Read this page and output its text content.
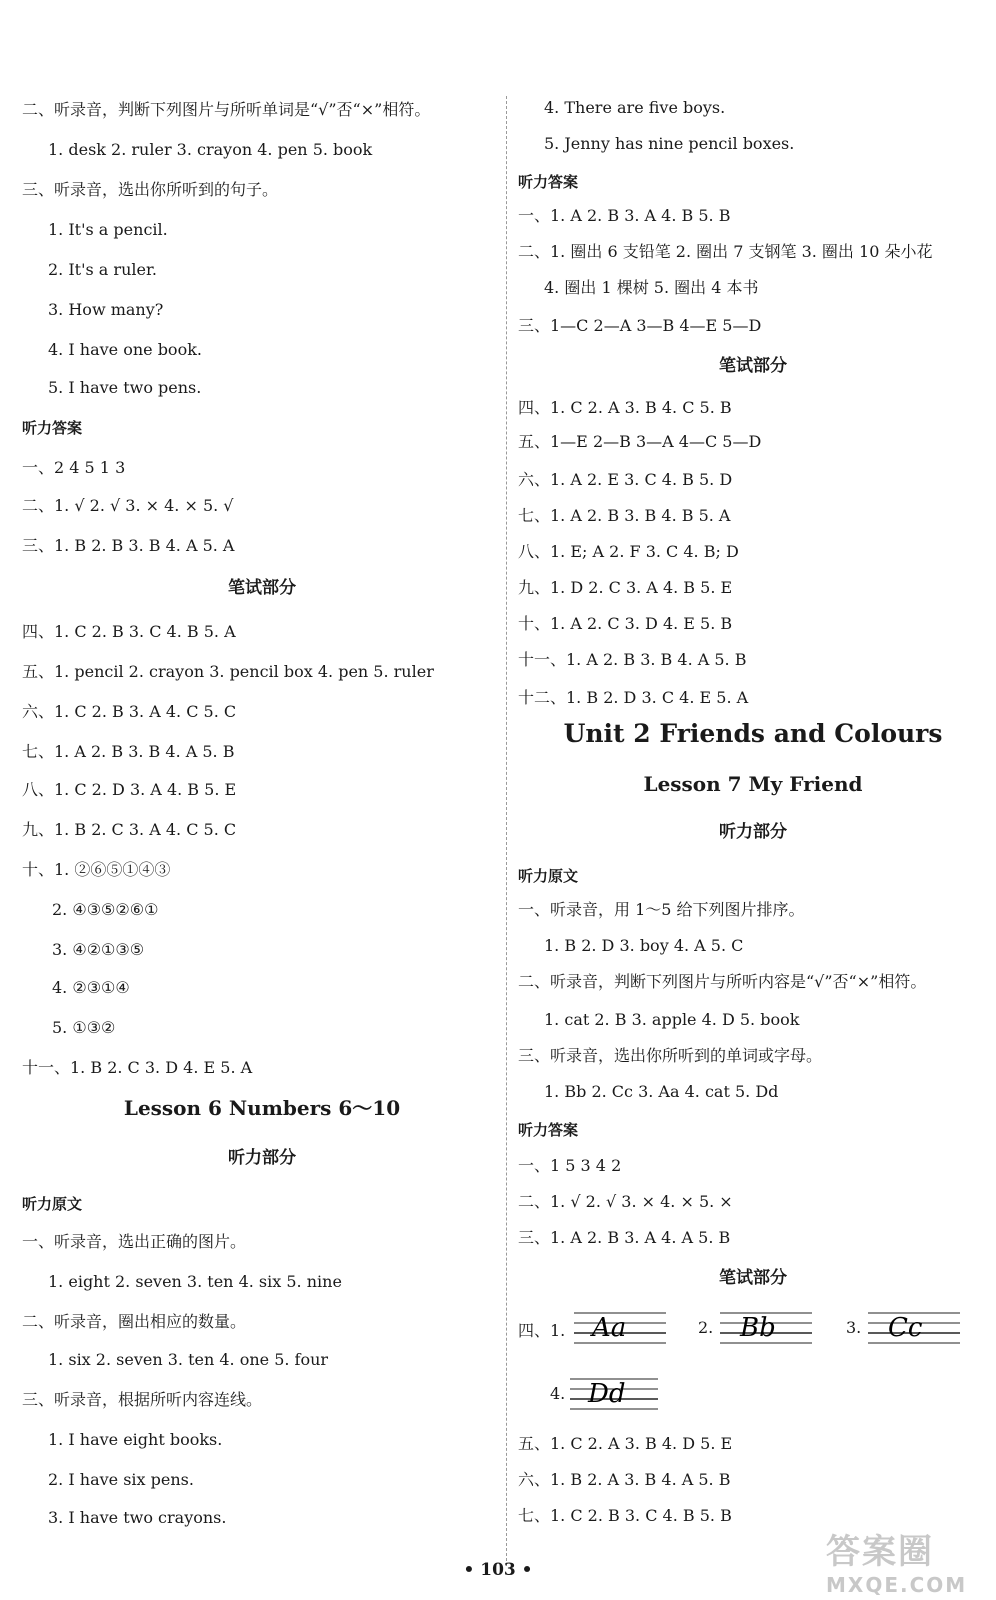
二、听录音，判断下列图片与所听单词是“√”否“×”相符。
1. desk 2. ruler 3. crayon 4. pen 5. book
三、听录音，选出你所听到的句子。
1. It's a pencil.
2. It's a ruler.
3. How many?
4. I have one book.
5. I have two pens.
听力答案
一、2 4 5 1 3
二、1. √ 2. √ 3. × 4. × 5. √
三、1. B 2. B 3. B 4. A 5. A
笔试部分
四、1. C 2. B 3. C 4. B 5. A
五、1. pencil 2. crayon 3. pencil box 4. pen 5. ruler
六、1. C 2. B 3. A 4. C 5. C
七、1. A 2. B 3. B 4. A 5. B
八、1. C 2. D 3. A 4. B 5. E
九、1. B 2. C 3. A 4. C 5. C
十、1. ②⑥⑤①④③
2. ④③⑤②⑥①
3. ④②①③⑤
4. ②③①④
5. ①③②
十一、1. B 2. C 3. D 4. E 5. A
Lesson 6 Numbers 6～10
听力部分
听力原文
一、听录音，选出正确的图片。
1. eight 2. seven 3. ten 4. six 5. nine
二、听录音，圈出相应的数量。
1. six 2. seven 3. ten 4. one 5. four
三、听录音，根据所听内容连线。
1. I have eight books.
2. I have six pens.
3. I have two crayons.
4. There are five boys.
5. Jenny has nine pencil boxes.
听力答案
一、1. A 2. B 3. A 4. B 5. B
二、1. 圈出 6 支铅笔 2. 圈出 7 支钢笔 3. 圈出 10 朵小花
4. 圈出 1 棵树 5. 圈出 4 本书
三、1—C 2—A 3—B 4—E 5—D
笔试部分
四、1. C 2. A 3. B 4. C 5. B
五、1—E 2—B 3—A 4—C 5—D
六、1. A 2. E 3. C 4. B 5. D
七、1. A 2. B 3. B 4. B 5. A
八、1. E; A 2. F 3. C 4. B; D
九、1. D 2. C 3. A 4. B 5. E
十、1. A 2. C 3. D 4. E 5. B
十一、1. A 2. B 3. B 4. A 5. B
十二、1. B 2. D 3. C 4. E 5. A
Unit 2 Friends and Colours
Lesson 7 My Friend
听力部分
听力原文
一、听录音，用 1～5 给下列图片排序。
1. B 2. D 3. boy 4. A 5. C
二、听录音，判断下列图片与所听内容是“√”否“×”相符。
1. cat 2. B 3. apple 4. D 5. book
三、听录音，选出你所听到的单词或字母。
1. Bb 2. Cc 3. Aa 4. cat 5. Dd
听力答案
一、1 5 3 4 2
二、1. √ 2. √ 3. × 4. × 5. ×
三、1. A 2. B 3. A 4. A 5. B
笔试部分
五、1. C 2. A 3. B 4. D 5. E
六、1. B 2. A 3. B 4. A 5. B
七、1. C 2. B 3. C 4. B 5. B
四、1. Aa	2. Bb	3. Cc
4. Dd
• 103 •	答案圈
MXQE.COM
